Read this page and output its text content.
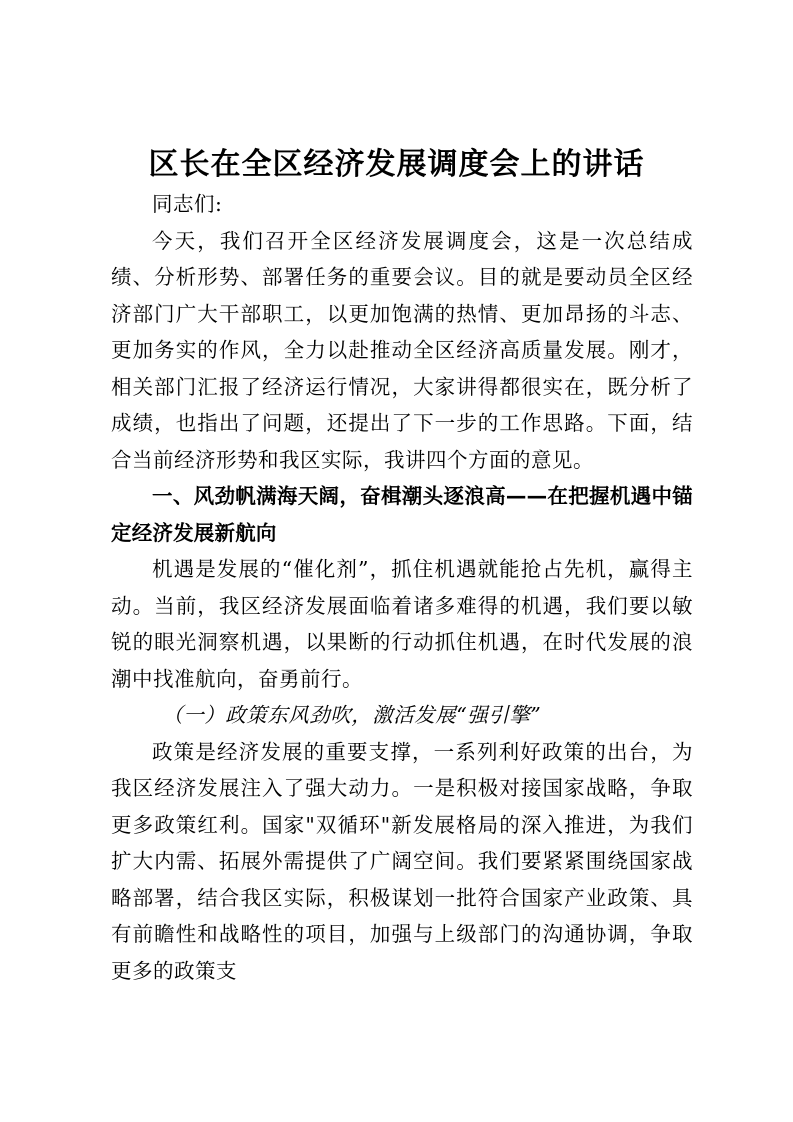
区长在全区经济发展调度会上的讲话

同志们:

今天，我们召开全区经济发展调度会，这是一次总结成绩、分析形势、部署任务的重要会议。目的就是要动员全区经济部门广大干部职工，以更加饱满的热情、更加昂扬的斗志、更加务实的作风，全力以赴推动全区经济高质量发展。刚才，相关部门汇报了经济运行情况，大家讲得都很实在，既分析了成绩，也指出了问题，还提出了下一步的工作思路。下面，结合当前经济形势和我区实际，我讲四个方面的意见。

一、风劲帆满海天阔，奋楫潮头逐浪高——在把握机遇中锚定经济发展新航向

机遇是发展的“催化剂”，抓住机遇就能抢占先机，赢得主动。当前，我区经济发展面临着诸多难得的机遇，我们要以敏锐的眼光洞察机遇，以果断的行动抓住机遇，在时代发展的浪潮中找准航向，奋勇前行。

（一）政策东风劲吹，激活发展“强引擎”

政策是经济发展的重要支撑，一系列利好政策的出台，为我区经济发展注入了强大动力。一是积极对接国家战略，争取更多政策红利。国家"双循环"新发展格局的深入推进，为我们扩大内需、拓展外需提供了广阔空间。我们要紧紧围绕国家战略部署，结合我区实际，积极谋划一批符合国家产业政策、具有前瞻性和战略性的项目，加强与上级部门的沟通协调，争取更多的政策支
